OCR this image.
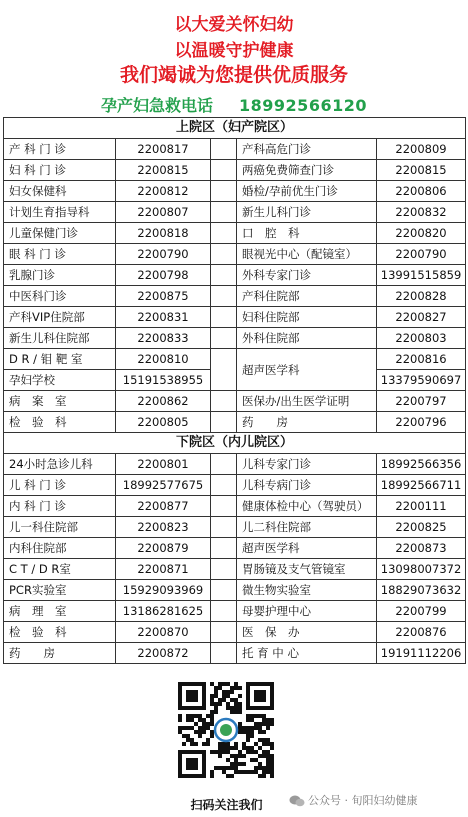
以大爱关怀妇幼
以温暖守护健康
我们竭诚为您提供优质服务
孕产妇急救电话 18992566120
上院区（妇产院区）				
产 科 门 诊	2200817		产科高危门诊	2200809
妇 科 门 诊	2200815		两癌免费筛查门诊	2200815
妇女保健科	2200812		婚检/孕前优生门诊	2200806
计划生育指导科	2200807		新生儿科门诊	2200832
儿童保健门诊	2200818		口　腔　科	2200820
眼 科 门 诊	2200790		眼视光中心（配镜室）	2200790
乳腺门诊	2200798		外科专家门诊	13991515859
中医科门诊	2200875		产科住院部	2200828
产科VIP住院部	2200831		妇科住院部	2200827
新生儿科住院部	2200833		外科住院部	2200803
D R / 钼 靶 室	2200810		超声医学科	2200816
孕妇学校	15191538955			13379590697
病　案　室	2200862		医保办/出生医学证明	2200797
检　验　科	2200805		药　　房	2200796
下院区（内儿院区）				
24小时急诊儿科	2200801		儿科专家门诊	18992566356
儿 科 门 诊	18992577675		儿科专病门诊	18992566711
内 科 门 诊	2200877		健康体检中心（驾驶员）	2200111
儿一科住院部	2200823		儿二科住院部	2200825
内科住院部	2200879		超声医学科	2200873
C T / D R室	2200871		胃肠镜及支气管镜室	13098007372
PCR实验室	15929093969		微生物实验室	18829073632
病　理　室	13186281625		母婴护理中心	2200799
检　验　科	2200870		医　保　办	2200876
药　　房	2200872		托 育 中 心	19191112206
扫码关注我们	公众号 · 旬阳妇幼健康
